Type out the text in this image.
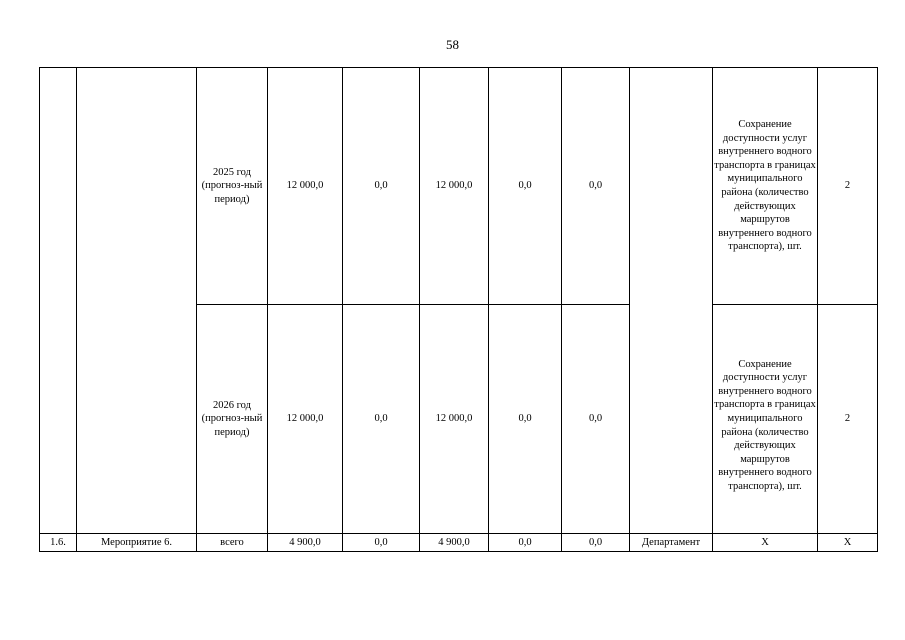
58
		2025 год (прогноз-ный период)	12 000,0	0,0	12 000,0	0,0	0,0		Сохранение доступности услуг внутреннего водного транспорта в границах муниципального района (количество действующих маршрутов внутреннего водного транспорта), шт.	2
		2026 год (прогноз-ный период)	12 000,0	0,0	12 000,0	0,0	0,0		Сохранение доступности услуг внутреннего водного транспорта в границах муниципального района (количество действующих маршрутов внутреннего водного транспорта), шт.	2
1.6.	Мероприятие 6.	всего	4 900,0	0,0	4 900,0	0,0	0,0	Департамент	Х	Х
